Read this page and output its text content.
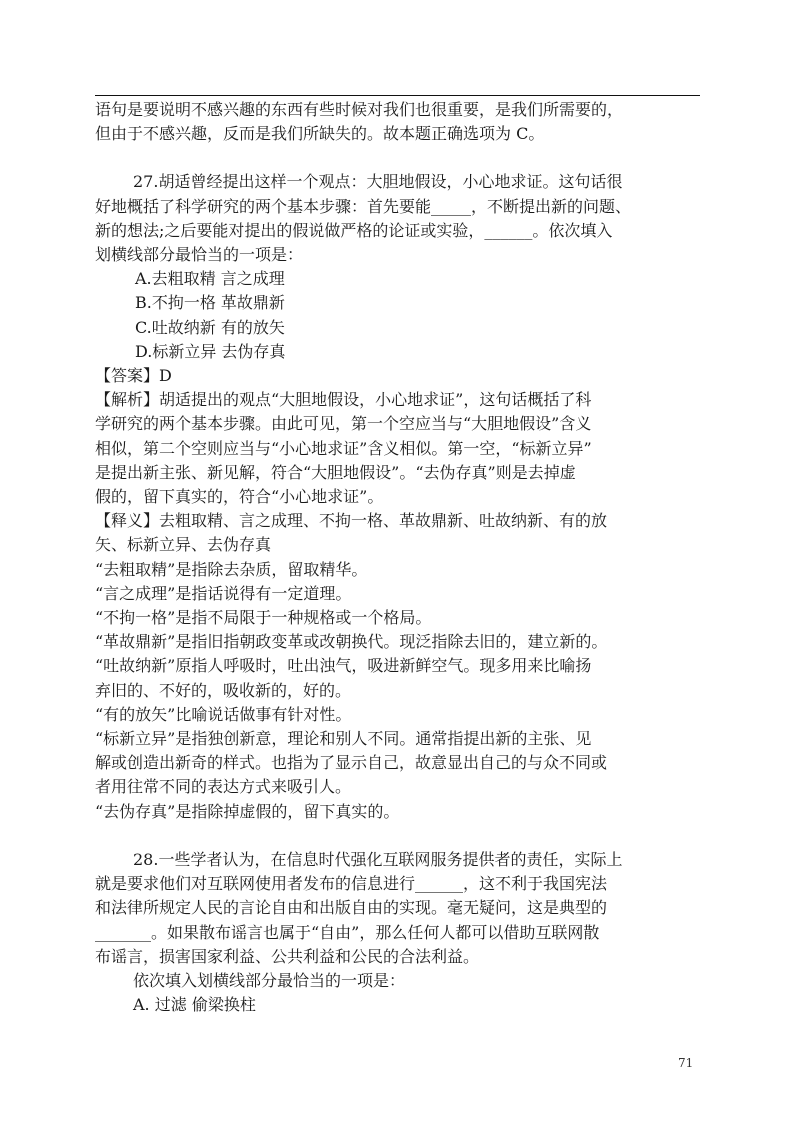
语句是要说明不感兴趣的东西有些时候对我们也很重要，是我们所需要的，

但由于不感兴趣，反而是我们所缺失的。故本题正确选项为 C。

27.胡适曾经提出这样一个观点：大胆地假设，小心地求证。这句话很

好地概括了科学研究的两个基本步骤：首先要能_____，不断提出新的问题、

新的想法;之后要能对提出的假说做严格的论证或实验，______。依次填入

划横线部分最恰当的一项是：

A.去粗取精 言之成理

B.不拘一格 革故鼎新

C.吐故纳新 有的放矢

D.标新立异 去伪存真

【答案】D

【解析】胡适提出的观点“大胆地假设，小心地求证”，这句话概括了科

学研究的两个基本步骤。由此可见，第一个空应当与“大胆地假设”含义

相似，第二个空则应当与“小心地求证”含义相似。第一空，“标新立异”

是提出新主张、新见解，符合“大胆地假设”。“去伪存真”则是去掉虚

假的，留下真实的，符合“小心地求证”。

【释义】去粗取精、言之成理、不拘一格、革故鼎新、吐故纳新、有的放

矢、标新立异、去伪存真

“去粗取精”是指除去杂质，留取精华。

“言之成理”是指话说得有一定道理。

“不拘一格”是指不局限于一种规格或一个格局。

“革故鼎新”是指旧指朝政变革或改朝换代。现泛指除去旧的，建立新的。

“吐故纳新”原指人呼吸时，吐出浊气，吸进新鲜空气。现多用来比喻扬

弃旧的、不好的，吸收新的，好的。

“有的放矢”比喻说话做事有针对性。

“标新立异”是指独创新意，理论和别人不同。通常指提出新的主张、见

解或创造出新奇的样式。也指为了显示自己，故意显出自己的与众不同或

者用往常不同的表达方式来吸引人。

“去伪存真”是指除掉虚假的，留下真实的。

28.一些学者认为，在信息时代强化互联网服务提供者的责任，实际上

就是要求他们对互联网使用者发布的信息进行______，这不利于我国宪法

和法律所规定人民的言论自由和出版自由的实现。毫无疑问，这是典型的

_______。如果散布谣言也属于“自由”，那么任何人都可以借助互联网散

布谣言，损害国家利益、公共利益和公民的合法利益。

依次填入划横线部分最恰当的一项是：

A. 过滤 偷梁换柱

71
